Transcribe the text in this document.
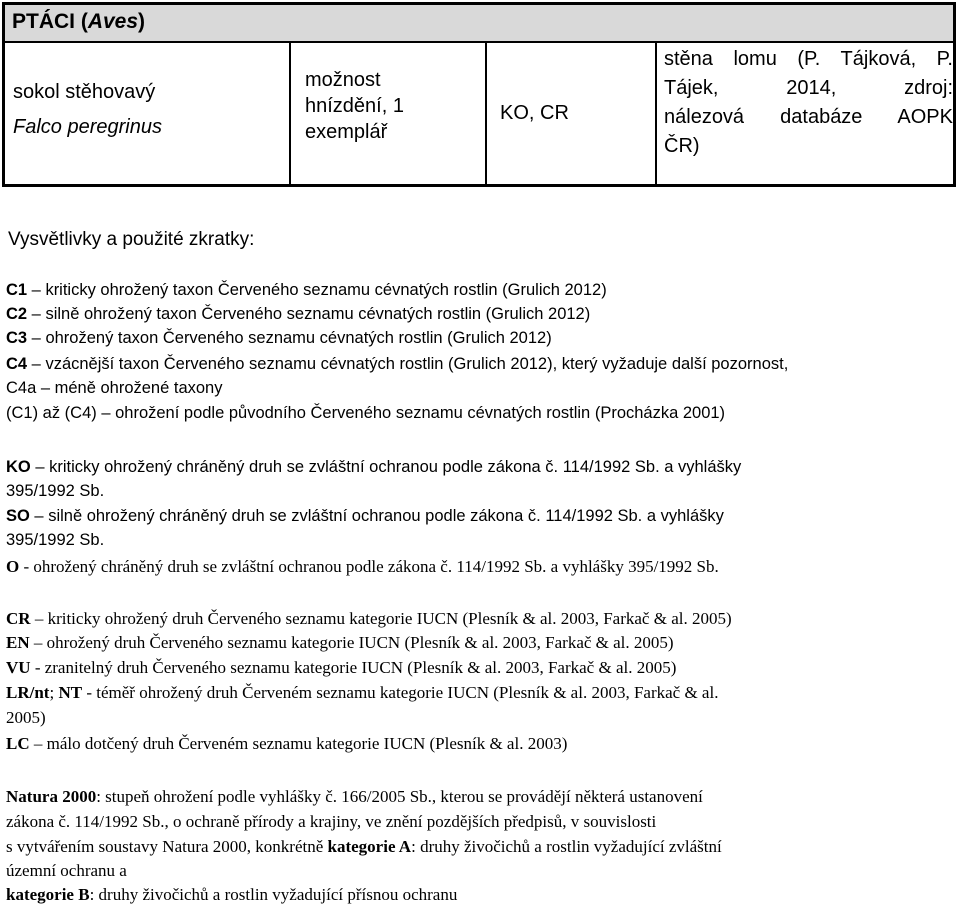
PTÁCI (Aves)
sokol stěhovavý
Falco peregrinus
možnost
hnízdění, 1
exemplář
KO, CR
stěna lomu (P. Tájková, P.
Tájek, 2014, zdroj:
nálezová databáze AOPK
ČR)
Vysvětlivky a použité zkratky:
C1 – kriticky ohrožený taxon Červeného seznamu cévnatých rostlin (Grulich 2012)
C2 – silně ohrožený taxon Červeného seznamu cévnatých rostlin (Grulich 2012)
C3 – ohrožený taxon Červeného seznamu cévnatých rostlin (Grulich 2012)
C4 – vzácnější taxon Červeného seznamu cévnatých rostlin (Grulich 2012), který vyžaduje další pozornost,
C4a – méně ohrožené taxony
(C1) až (C4) – ohrožení podle původního Červeného seznamu cévnatých rostlin (Procházka 2001)
KO – kriticky ohrožený chráněný druh se zvláštní ochranou podle zákona č. 114/1992 Sb. a vyhlášky
395/1992 Sb.
SO – silně ohrožený chráněný druh se zvláštní ochranou podle zákona č. 114/1992 Sb. a vyhlášky
395/1992 Sb.
O - ohrožený chráněný druh se zvláštní ochranou podle zákona č. 114/1992 Sb. a vyhlášky 395/1992 Sb.
CR – kriticky ohrožený druh Červeného seznamu kategorie IUCN (Plesník & al. 2003, Farkač & al. 2005)
EN – ohrožený druh Červeného seznamu kategorie IUCN (Plesník & al. 2003, Farkač & al. 2005)
VU - zranitelný druh Červeného seznamu kategorie IUCN (Plesník & al. 2003, Farkač & al. 2005)
LR/nt; NT - téměř ohrožený druh Červeném seznamu kategorie IUCN (Plesník & al. 2003, Farkač & al.
2005)
LC – málo dotčený druh Červeném seznamu kategorie IUCN (Plesník & al. 2003)
Natura 2000: stupeň ohrožení podle vyhlášky č. 166/2005 Sb., kterou se provádějí některá ustanovení
zákona č. 114/1992 Sb., o ochraně přírody a krajiny, ve znění pozdějších předpisů, v souvislosti
s vytvářením soustavy Natura 2000, konkrétně kategorie A: druhy živočichů a rostlin vyžadující zvláštní
územní ochranu a
kategorie B: druhy živočichů a rostlin vyžadující přísnou ochranu
